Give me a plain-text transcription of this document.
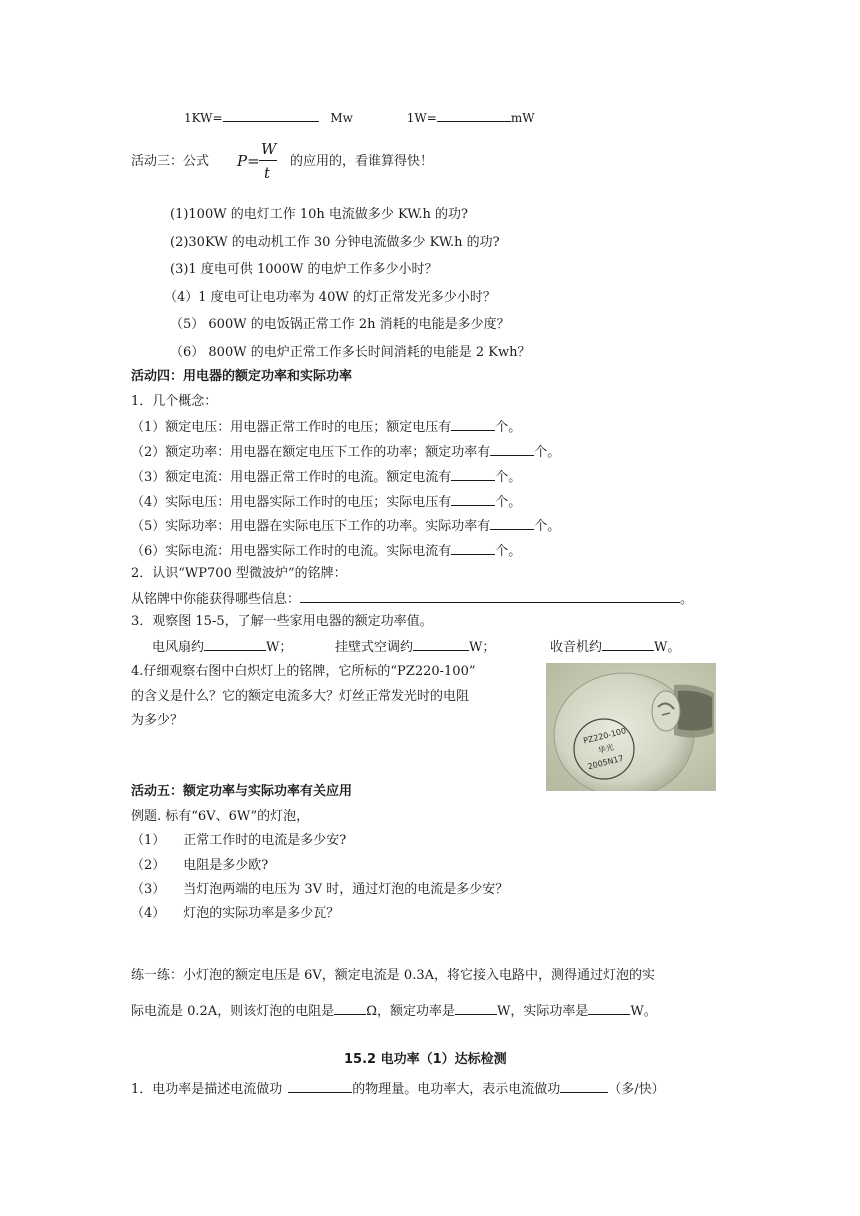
1KW=	Mw	1W=	mW
活动三：公式 P=
W
t
的应用的，看谁算得快！
(1)100W 的电灯工作 10h 电流做多少 KW.h 的功?
(2)30KW 的电动机工作 30 分钟电流做多少 KW.h 的功?
(3)1 度电可供 1000W 的电炉工作多少小时？
（4）1 度电可让电功率为 40W 的灯正常发光多少小时？
（5） 600W 的电饭锅正常工作 2h 消耗的电能是多少度？
（6） 800W 的电炉正常工作多长时间消耗的电能是 2 Kwh？
活动四：用电器的额定功率和实际功率
1．几个概念：
（1）额定电压：用电器正常工作时的电压；额定电压有	个。
（2）额定功率：用电器在额定电压下工作的功率；额定功率有	个。
（3）额定电流：用电器正常工作时的电流。额定电流有	个。
（4）实际电压：用电器实际工作时的电压；实际电压有	个。
（5）实际功率：用电器在实际电压下工作的功率。实际功率有	个。
（6）实际电流：用电器实际工作时的电流。实际电流有	个。
2．认识“WP700 型微波炉”的铭牌：
从铭牌中你能获得哪些信息：	。
3．观察图 15-5，了解一些家用电器的额定功率值。
电风扇约	W；	挂壁式空调约	W；	收音机约	W。
4.仔细观察右图中白炽灯上的铭牌，它所标的“PZ220-100”
的含义是什么？它的额定电流多大？灯丝正常发光时的电阻
为多少？
PZ220-100
华光
2005N17
活动五：额定功率与实际功率有关应用
例题. 标有“6V、6W”的灯泡，
（1） 正常工作时的电流是多少安?
（2） 电阻是多少欧?
（3） 当灯泡两端的电压为 3V 时，通过灯泡的电流是多少安？
（4） 灯泡的实际功率是多少瓦？
练一练：小灯泡的额定电压是 6V，额定电流是 0.3A，将它接入电路中，测得通过灯泡的实
际电流是 0.2A，则该灯泡的电阻是 Ω，额定功率是	W，实际功率是	W。
15.2 电功率（1）达标检测
1．电功率是描述电流做功	的物理量。电功率大，表示电流做功	（多/快）
